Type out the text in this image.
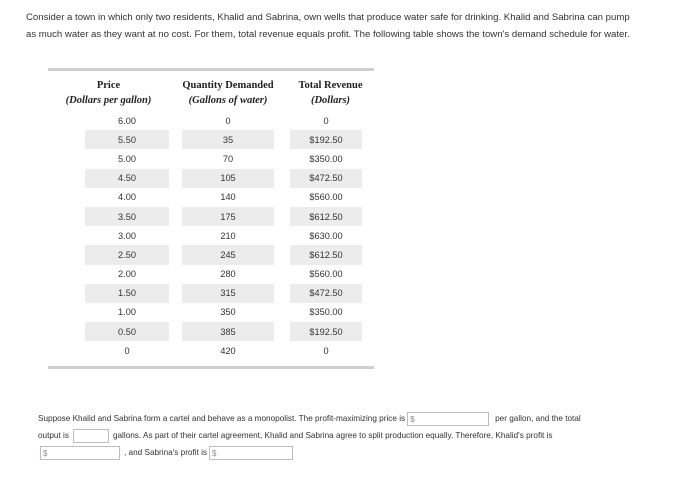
Consider a town in which only two residents, Khalid and Sabrina, own wells that produce water safe for drinking. Khalid and Sabrina can pump
as much water as they want at no cost. For them, total revenue equals profit. The following table shows the town's demand schedule for water.
Price	Quantity Demanded	Total Revenue
(Dollars per gallon)	(Gallons of water)	(Dollars)
6.00	0	0
5.50	35	$192.50
5.00	70	$350.00
4.50	105	$472.50
4.00	140	$560.00
3.50	175	$612.50
3.00	210	$630.00
2.50	245	$612.50
2.00	280	$560.00
1.50	315	$472.50
1.00	350	$350.00
0.50	385	$192.50
0	420	0
Suppose Khalid and Sabrina form a cartel and behave as a monopolist. The profit-maximizing price is $	per gallon, and the total
output is	gallons. As part of their cartel agreement, Khalid and Sabrina agree to split production equally. Therefore, Khalid's profit is
$	, and Sabrina's profit is $
